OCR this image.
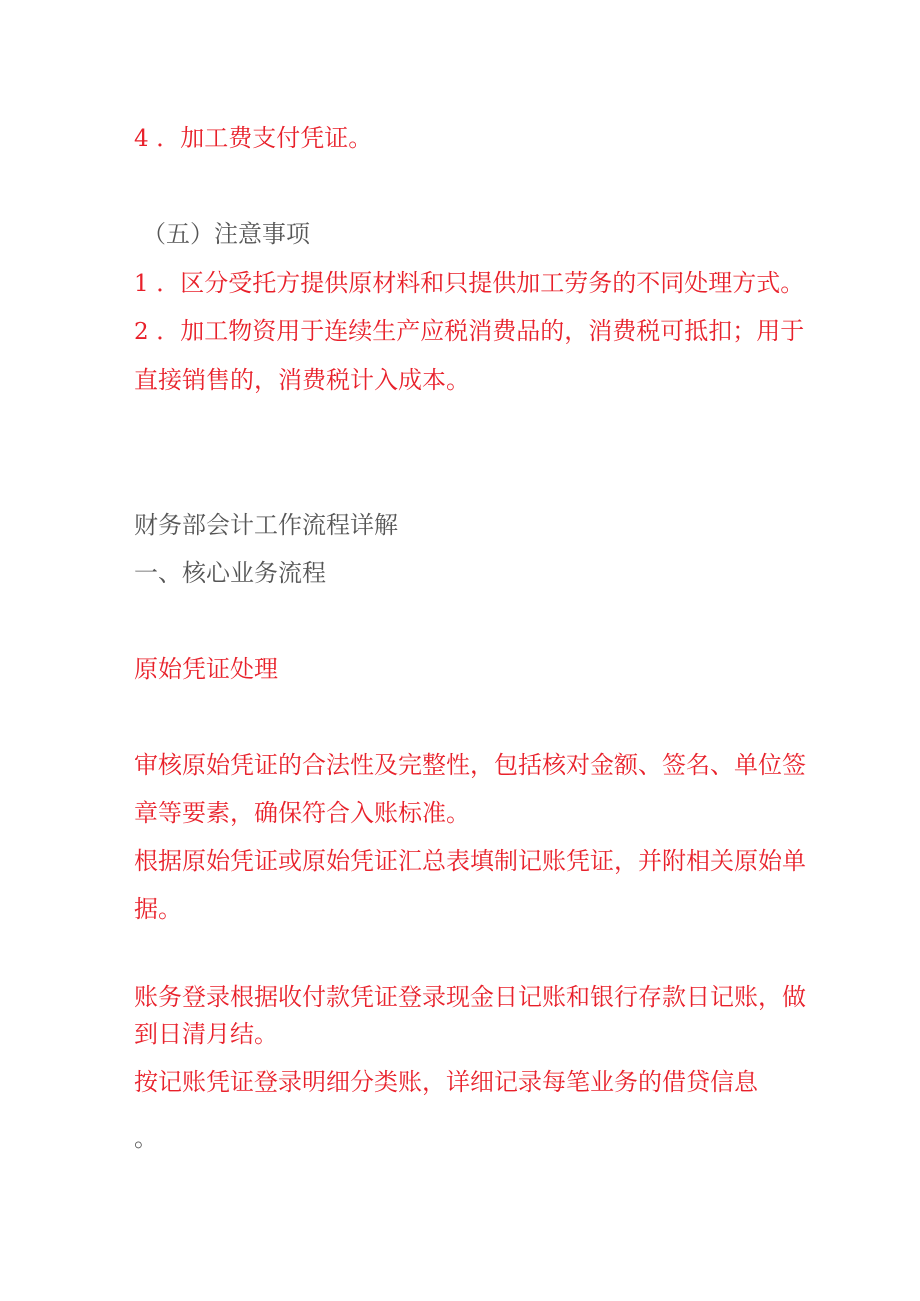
4 ．加工费支付凭证。

（五）注意事项

1 ．区分受托方提供原材料和只提供加工劳务的不同处理方式。

2 ．加工物资用于连续生产应税消费品的，消费税可抵扣；用于

直接销售的，消费税计入成本。

财务部会计工作流程详解

一、核心业务流程

原始凭证处理

审核原始凭证的合法性及完整性，包括核对金额、签名、单位签

章等要素，确保符合入账标准。

根据原始凭证或原始凭证汇总表填制记账凭证，并附相关原始单

据。

账务登录根据收付款凭证登录现金日记账和银行存款日记账，做

到日清月结。

按记账凭证登录明细分类账，详细记录每笔业务的借贷信息

。
